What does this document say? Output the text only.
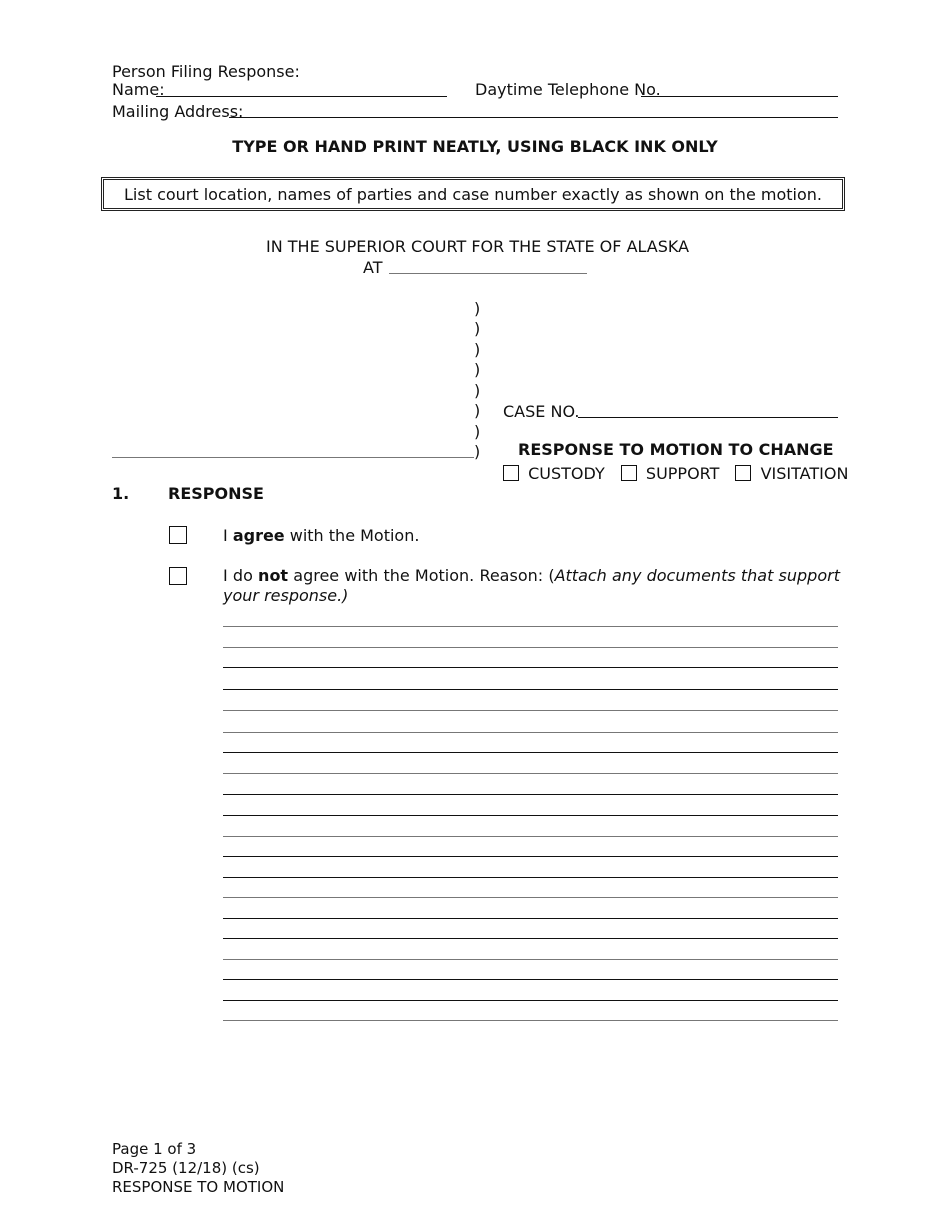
Person Filing Response:
Name:	Daytime Telephone No.
Mailing Address:
TYPE OR HAND PRINT NEATLY, USING BLACK INK ONLY
List court location, names of parties and case number exactly as shown on the motion.
IN THE SUPERIOR COURT FOR THE STATE OF ALASKA
AT
)
)
)
)
)
)
)
)
CASE NO.
RESPONSE TO MOTION TO CHANGE
CUSTODY	SUPPORT	VISITATION
1. RESPONSE
I agree with the Motion.
I do not agree with the Motion. Reason: (Attach any documents that support your response.)
Page 1 of 3
DR-725 (12/18) (cs)
RESPONSE TO MOTION
